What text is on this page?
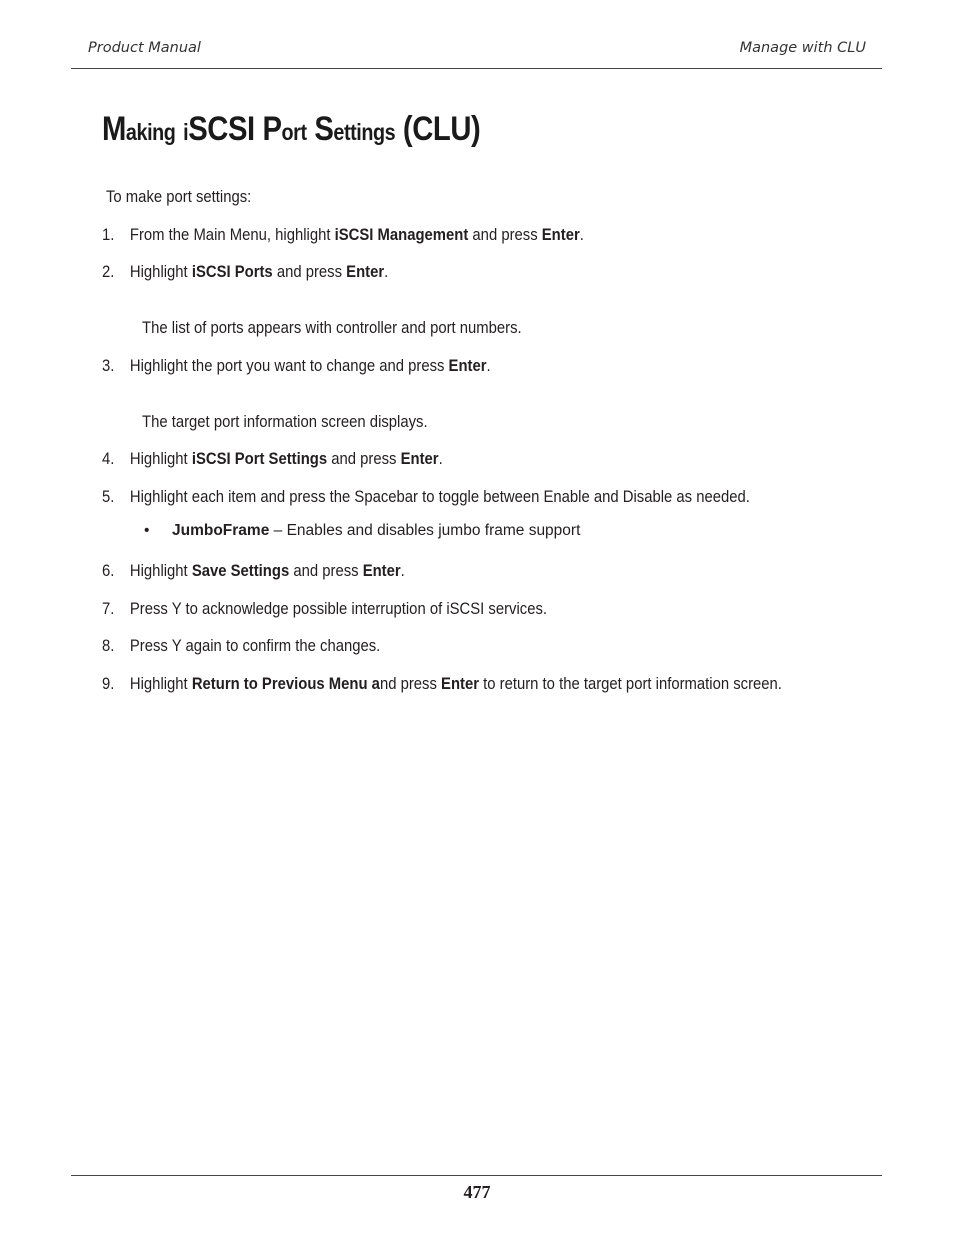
Product Manual	Manage with CLU
Making iSCSI Port Settings (CLU)
To make port settings:
1. From the Main Menu, highlight iSCSI Management and press Enter.
2. Highlight iSCSI Ports and press Enter.
The list of ports appears with controller and port numbers.
3. Highlight the port you want to change and press Enter.
The target port information screen displays.
4. Highlight iSCSI Port Settings and press Enter.
5. Highlight each item and press the Spacebar to toggle between Enable and Disable as needed.
• JumboFrame – Enables and disables jumbo frame support
6. Highlight Save Settings and press Enter.
7. Press Y to acknowledge possible interruption of iSCSI services.
8. Press Y again to confirm the changes.
9. Highlight Return to Previous Menu and press Enter to return to the target port information screen.
477
